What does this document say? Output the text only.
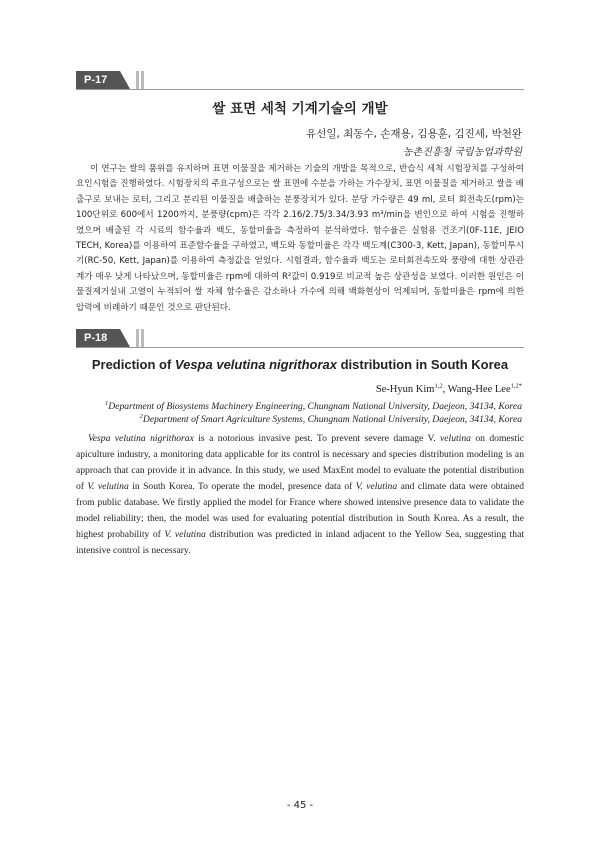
P-17
쌀 표면 세척 기계기술의 개발
유선일, 최동수, 손재용, 김용훈, 김진세, 박천완
농촌진흥청 국립농업과학원

이 연구는 쌀의 품위를 유지하며 표면 이물질을 제거하는 기술의 개발을 목적으로, 반습식 세척 시험장치를 구성하여 요인시험을 진행하였다. 시험장치의 주요구성으로는 쌀 표면에 수분을 가하는 가수장치, 표면 이물질을 제거하고 쌀을 배출구로 보내는 로터, 그리고 분리된 이물질을 배출하는 분풍장치가 있다. 분당 가수량은 49 ml, 로터 회전속도(rpm)는 100단위로 600에서 1200까지, 분풍량(cpm)은 각각 2.16/2.75/3.34/3.93 m³/min을 변인으로 하여 시험을 진행하였으며 배출된 각 시료의 함수율과 백도, 동할미율을 측정하여 분석하였다. 함수율은 실험용 건조기(0F-11E, JEIO TECH, Korea)를 이용하여 표준함수율을 구하였고, 백도와 동할미율은 각각 백도계(C300-3, Kett, Japan), 동할미투시기(RC-50, Kett, Japan)를 이용하여 측정값을 얻었다. 시험결과, 함수율과 백도는 로터회전속도와 풍량에 대한 상관관계가 매우 낮게 나타났으며, 동할미율은 rpm에 대하여 R²값이 0.919로 비교적 높은 상관성을 보였다. 이러한 원인은 이물질제거실내 고열이 누적되어 쌀 자체 함수율은 감소하나 가수에 의해 백화현상이 억제되며, 동할미율은 rpm에 의한 압력에 비례하기 때문인 것으로 판단된다.

P-18
Prediction of Vespa velutina nigrithorax distribution in South Korea
Se-Hyun Kim$^{1,2}$, Wang-Hee Lee$^{1,2*}$
$^1$Department of Biosystems Machinery Engineering, Chungnam National University, Daejeon, 34134, Korea
$^2$Department of Smart Agriculture Systems, Chungnam National University, Daejeon, 34134, Korea

Vespa velutina nigrithorax is a notorious invasive pest. To prevent severe damage V. velutina on domestic apiculture industry, a monitoring data applicable for its control is necessary and species distribution modeling is an approach that can provide it in advance. In this study, we used MaxEnt model to evaluate the potential distribution of V. velutina in South Korea. To operate the model, presence data of V. velutina and climate data were obtained from public database. We firstly applied the model for France where showed intensive presence data to validate the model reliability; then, the model was used for evaluating potential distribution in South Korea. As a result, the highest probability of V. velutina distribution was predicted in inland adjacent to the Yellow Sea, suggesting that intensive control is necessary.

- 45 -
